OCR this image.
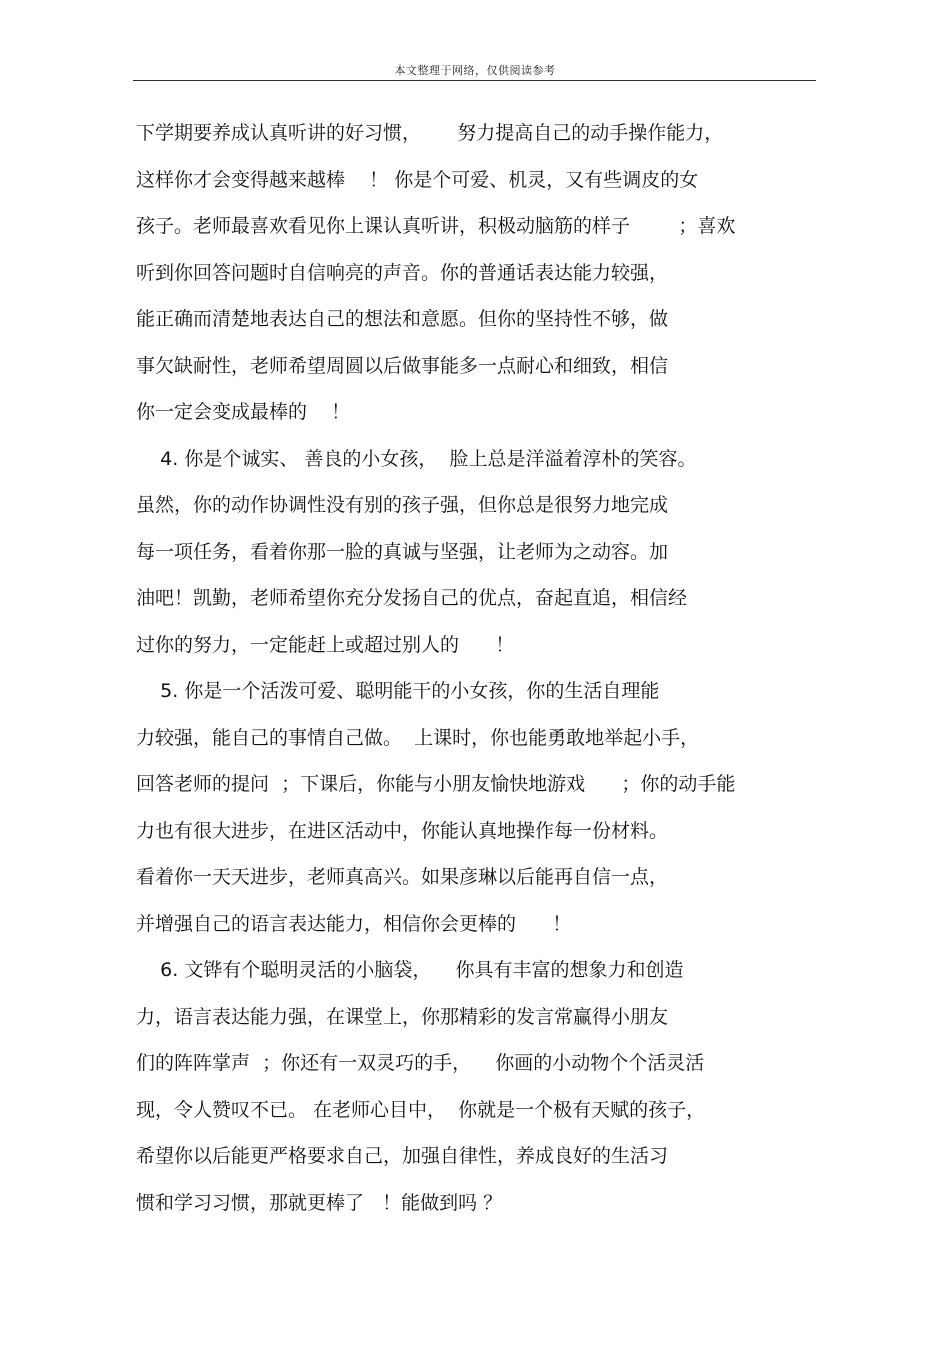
本文整理于网络，仅供阅读参考
下学期要养成认真听讲的好习惯，      努力提高自己的动手操作能力，
这样你才会变得越来越棒    ！ 你是个可爱、机灵，又有些调皮的女
孩子。老师最喜欢看见你上课认真听讲，积极动脑筋的样子        ；喜欢
听到你回答问题时自信响亮的声音。你的普通话表达能力较强，
能正确而清楚地表达自己的想法和意愿。但你的坚持性不够，做
事欠缺耐性，老师希望周圆以后做事能多一点耐心和细致，相信
你一定会变成最棒的    ！
4. 你是个诚实、 善良的小女孩，  脸上总是洋溢着淳朴的笑容。
虽然，你的动作协调性没有别的孩子强，但你总是很努力地完成
每一项任务，看着你那一脸的真诚与坚强，让老师为之动容。加
油吧！凯勤，老师希望你充分发扬自己的优点，奋起直追，相信经
过你的努力，一定能赶上或超过别人的      ！
5. 你是一个活泼可爱、聪明能干的小女孩，你的生活自理能
力较强，能自己的事情自己做。  上课时，你也能勇敢地举起小手，
回答老师的提问  ；下课后，你能与小朋友愉快地游戏      ；你的动手能
力也有很大进步，在进区活动中，你能认真地操作每一份材料。
看着你一天天进步，老师真高兴。如果彦琳以后能再自信一点，
并增强自己的语言表达能力，相信你会更棒的      ！
6. 文铧有个聪明灵活的小脑袋，    你具有丰富的想象力和创造
力，语言表达能力强，在课堂上，你那精彩的发言常赢得小朋友
们的阵阵掌声  ；你还有一双灵巧的手，    你画的小动物个个活灵活
现，令人赞叹不已。 在老师心目中，  你就是一个极有天赋的孩子，
希望你以后能更严格要求自己，加强自律性，养成良好的生活习
惯和学习习惯，那就更棒了   ！能做到吗 ？
